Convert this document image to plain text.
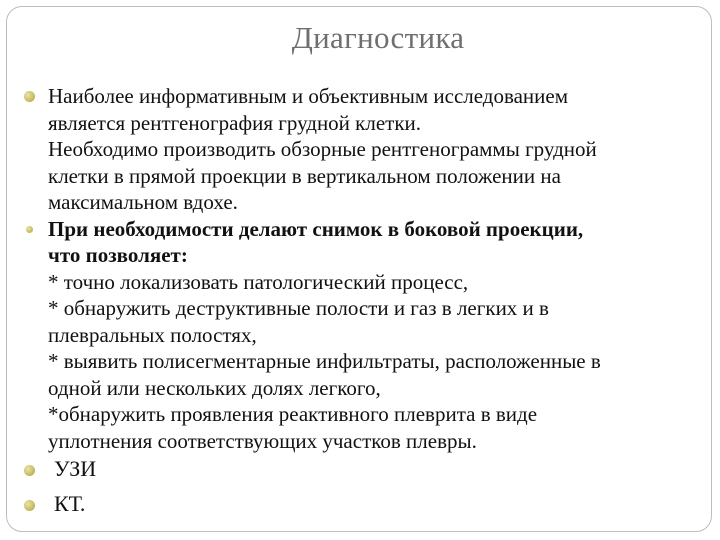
Диагностика
Наиболее информативным и объективным исследованием
является рентгенография грудной клетки.
Необходимо производить обзорные рентгенограммы грудной
клетки в прямой проекции в вертикальном положении на
максимальном вдохе.
При необходимости делают снимок в боковой проекции,
что позволяет:
* точно локализовать патологический процесс,
* обнаружить деструктивные полости и газ в легких и в
плевральных полостях,
* выявить полисегментарные инфильтраты, расположенные в
одной или нескольких долях легкого,
*обнаружить проявления реактивного плеврита в виде
уплотнения соответствующих участков плевры.
УЗИ
КТ.
